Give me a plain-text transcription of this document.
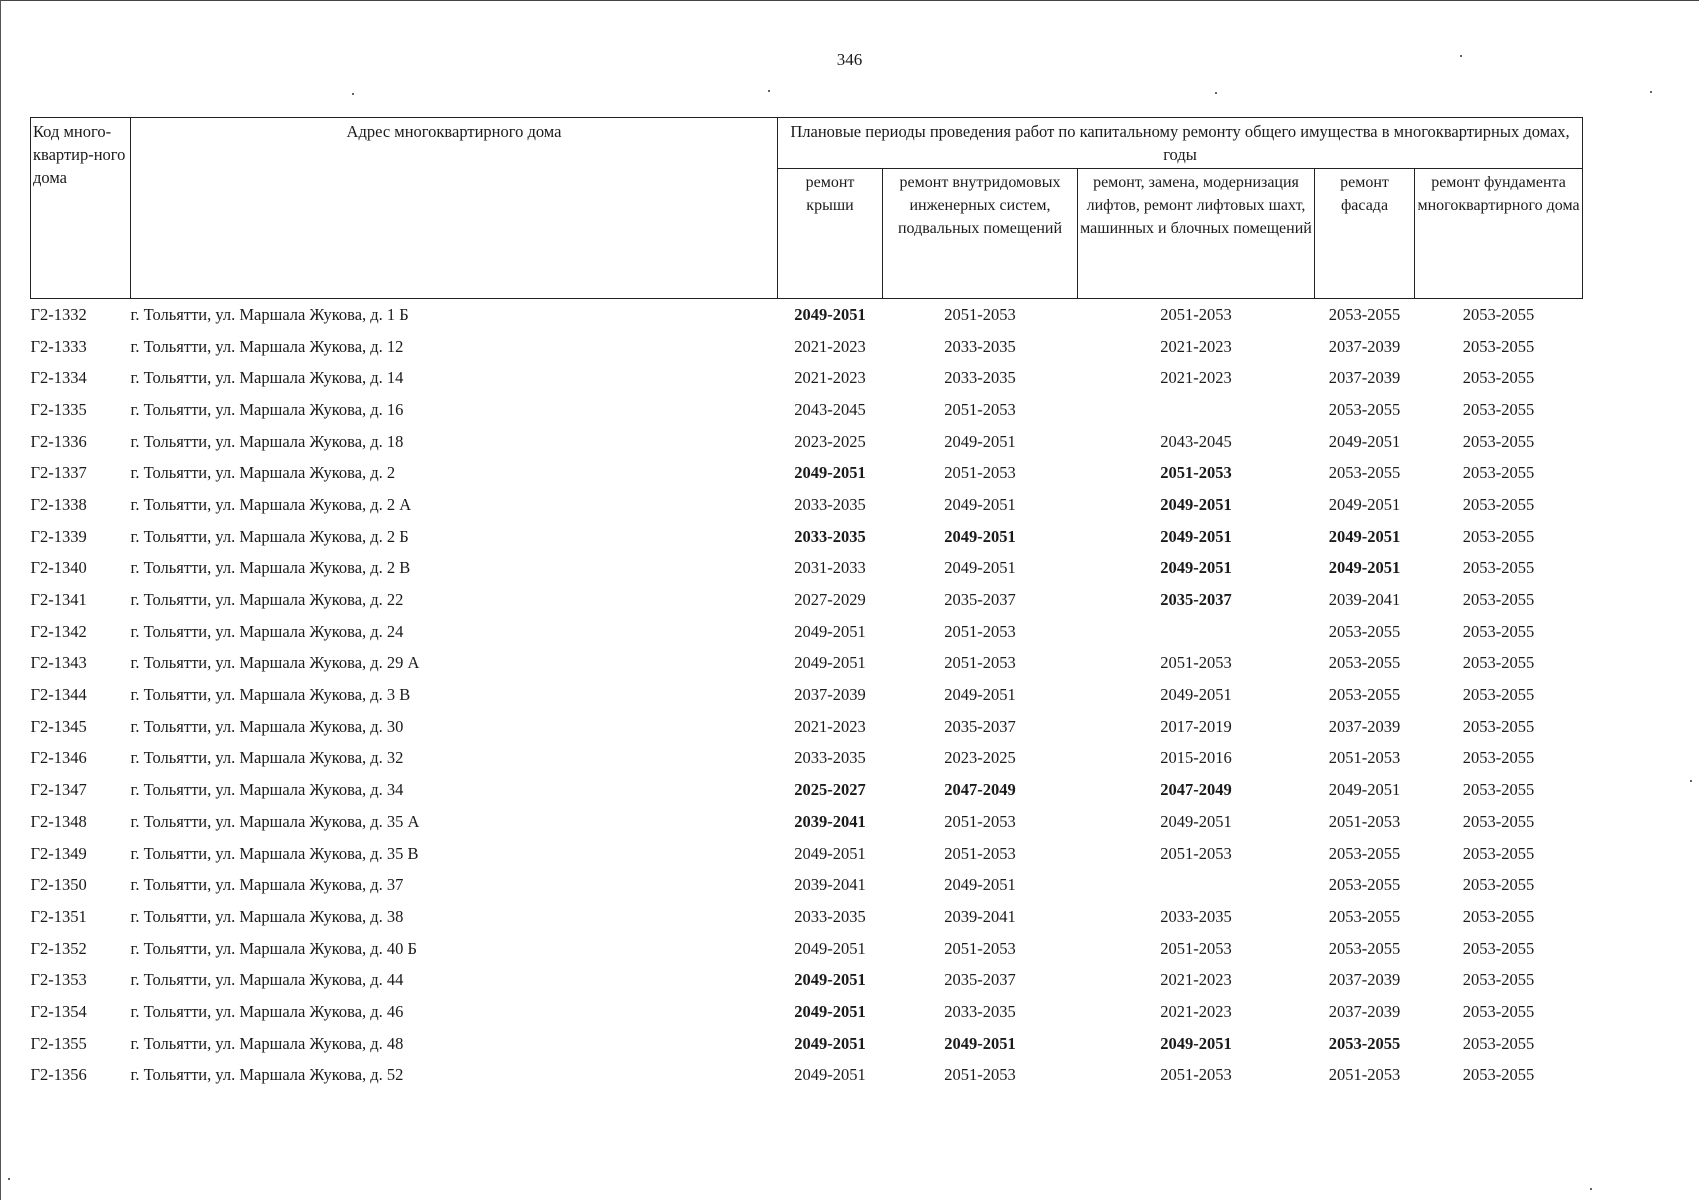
346
Код много-квартир-ного дома	Адрес многоквартирного дома	Плановые периоды проведения работ по капитальному ремонту общего имущества в многоквартирных домах, годы				
		ремонт крыши	ремонт внутридомовых инженерных систем, подвальных помещений	ремонт, замена, модернизация лифтов, ремонт лифтовых шахт, машинных и блочных помещений	ремонт фасада	ремонт фундамента многоквартирного дома
Г2-1332	г. Тольятти, ул. Маршала Жукова, д. 1 Б	2049-2051	2051-2053	2051-2053	2053-2055	2053-2055
Г2-1333	г. Тольятти, ул. Маршала Жукова, д. 12	2021-2023	2033-2035	2021-2023	2037-2039	2053-2055
Г2-1334	г. Тольятти, ул. Маршала Жукова, д. 14	2021-2023	2033-2035	2021-2023	2037-2039	2053-2055
Г2-1335	г. Тольятти, ул. Маршала Жукова, д. 16	2043-2045	2051-2053		2053-2055	2053-2055
Г2-1336	г. Тольятти, ул. Маршала Жукова, д. 18	2023-2025	2049-2051	2043-2045	2049-2051	2053-2055
Г2-1337	г. Тольятти, ул. Маршала Жукова, д. 2	2049-2051	2051-2053	2051-2053	2053-2055	2053-2055
Г2-1338	г. Тольятти, ул. Маршала Жукова, д. 2 А	2033-2035	2049-2051	2049-2051	2049-2051	2053-2055
Г2-1339	г. Тольятти, ул. Маршала Жукова, д. 2 Б	2033-2035	2049-2051	2049-2051	2049-2051	2053-2055
Г2-1340	г. Тольятти, ул. Маршала Жукова, д. 2 В	2031-2033	2049-2051	2049-2051	2049-2051	2053-2055
Г2-1341	г. Тольятти, ул. Маршала Жукова, д. 22	2027-2029	2035-2037	2035-2037	2039-2041	2053-2055
Г2-1342	г. Тольятти, ул. Маршала Жукова, д. 24	2049-2051	2051-2053		2053-2055	2053-2055
Г2-1343	г. Тольятти, ул. Маршала Жукова, д. 29 А	2049-2051	2051-2053	2051-2053	2053-2055	2053-2055
Г2-1344	г. Тольятти, ул. Маршала Жукова, д. 3 В	2037-2039	2049-2051	2049-2051	2053-2055	2053-2055
Г2-1345	г. Тольятти, ул. Маршала Жукова, д. 30	2021-2023	2035-2037	2017-2019	2037-2039	2053-2055
Г2-1346	г. Тольятти, ул. Маршала Жукова, д. 32	2033-2035	2023-2025	2015-2016	2051-2053	2053-2055
Г2-1347	г. Тольятти, ул. Маршала Жукова, д. 34	2025-2027	2047-2049	2047-2049	2049-2051	2053-2055
Г2-1348	г. Тольятти, ул. Маршала Жукова, д. 35 А	2039-2041	2051-2053	2049-2051	2051-2053	2053-2055
Г2-1349	г. Тольятти, ул. Маршала Жукова, д. 35 В	2049-2051	2051-2053	2051-2053	2053-2055	2053-2055
Г2-1350	г. Тольятти, ул. Маршала Жукова, д. 37	2039-2041	2049-2051		2053-2055	2053-2055
Г2-1351	г. Тольятти, ул. Маршала Жукова, д. 38	2033-2035	2039-2041	2033-2035	2053-2055	2053-2055
Г2-1352	г. Тольятти, ул. Маршала Жукова, д. 40 Б	2049-2051	2051-2053	2051-2053	2053-2055	2053-2055
Г2-1353	г. Тольятти, ул. Маршала Жукова, д. 44	2049-2051	2035-2037	2021-2023	2037-2039	2053-2055
Г2-1354	г. Тольятти, ул. Маршала Жукова, д. 46	2049-2051	2033-2035	2021-2023	2037-2039	2053-2055
Г2-1355	г. Тольятти, ул. Маршала Жукова, д. 48	2049-2051	2049-2051	2049-2051	2053-2055	2053-2055
Г2-1356	г. Тольятти, ул. Маршала Жукова, д. 52	2049-2051	2051-2053	2051-2053	2051-2053	2053-2055
